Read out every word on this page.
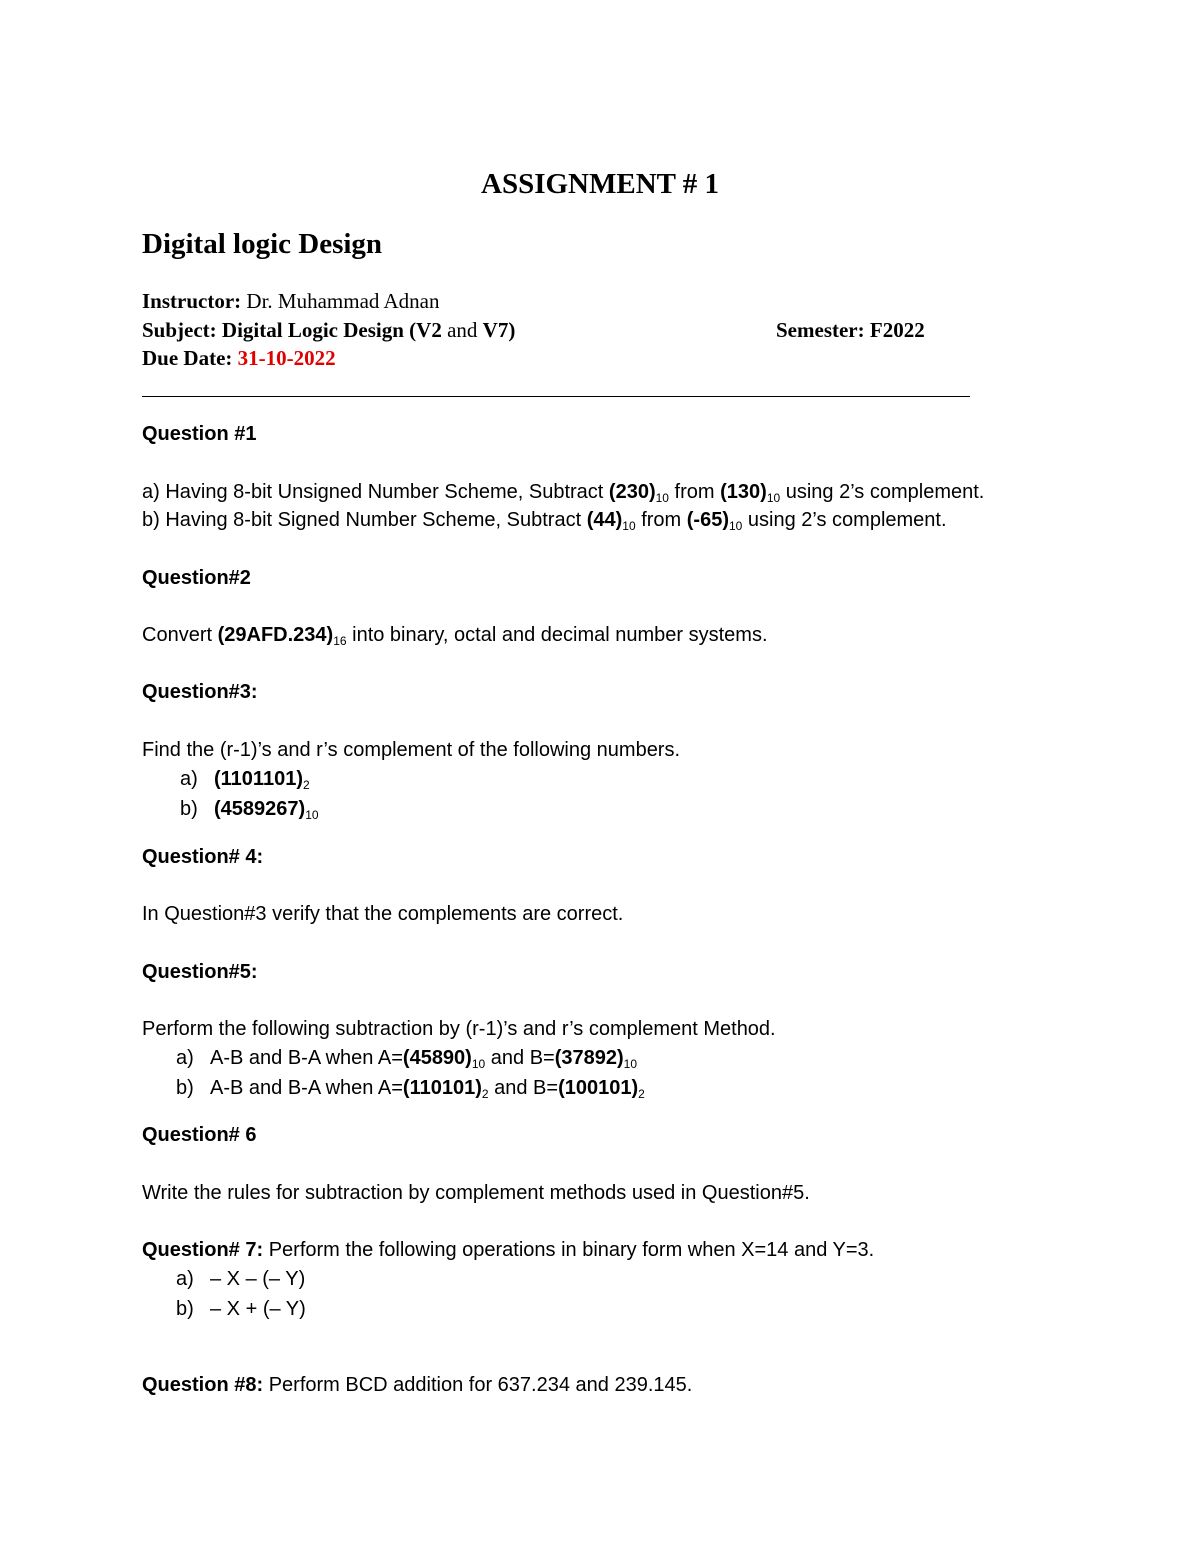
ASSIGNMENT # 1
Digital logic Design
Instructor: Dr. Muhammad Adnan
Subject: Digital Logic Design (V2 and V7)	Semester: F2022
Due Date: 31-10-2022
Question #1
a) Having 8-bit Unsigned Number Scheme, Subtract $(230)_{10}$ from $(130)_{10}$ using 2’s complement.
b) Having 8-bit Signed Number Scheme, Subtract $(44)_{10}$ from $(-65)_{10}$ using 2’s complement.
Question#2
Convert $(29AFD.234)_{16}$ into binary, octal and decimal number systems.
Question#3:
Find the (r-1)’s and r’s complement of the following numbers.
a) $(1101101)_2$
b) $(4589267)_{10}$
Question# 4:
In Question#3 verify that the complements are correct.
Question#5:
Perform the following subtraction by (r-1)’s and r’s complement Method.
a) A-B and B-A when $A=(45890)_{10}$ and $B=(37892)_{10}$
b) A-B and B-A when $A=(110101)_2$ and $B=(100101)_2$
Question# 6
Write the rules for subtraction by complement methods used in Question#5.
Question# 7: Perform the following operations in binary form when X=14 and Y=3.
a) – X – (– Y)
b) – X + (– Y)
Question #8: Perform BCD addition for 637.234 and 239.145.
